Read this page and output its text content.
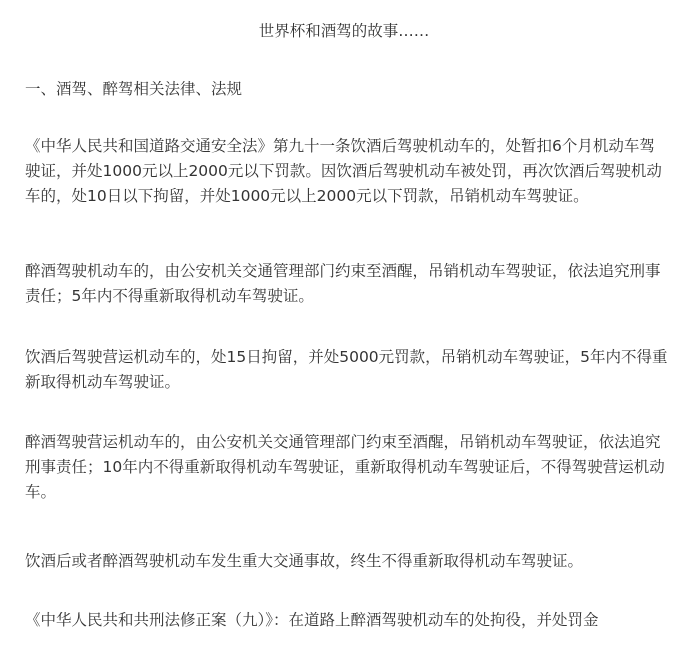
世界杯和酒驾的故事……

一、酒驾、醉驾相关法律、法规

《中华人民共和国道路交通安全法》第九十一条饮酒后驾驶机动车的，处暂扣6个月机动车驾驶证，并处1000元以上2000元以下罚款。因饮酒后驾驶机动车被处罚，再次饮酒后驾驶机动车的，处10日以下拘留，并处1000元以上2000元以下罚款，吊销机动车驾驶证。

醉酒驾驶机动车的，由公安机关交通管理部门约束至酒醒，吊销机动车驾驶证，依法追究刑事责任；5年内不得重新取得机动车驾驶证。

饮酒后驾驶营运机动车的，处15日拘留，并处5000元罚款，吊销机动车驾驶证，5年内不得重新取得机动车驾驶证。

醉酒驾驶营运机动车的，由公安机关交通管理部门约束至酒醒，吊销机动车驾驶证，依法追究刑事责任；10年内不得重新取得机动车驾驶证，重新取得机动车驾驶证后，不得驾驶营运机动车。

饮酒后或者醉酒驾驶机动车发生重大交通事故，终生不得重新取得机动车驾驶证。

《中华人民共和共刑法修正案（九）》：在道路上醉酒驾驶机动车的处拘役，并处罚金
